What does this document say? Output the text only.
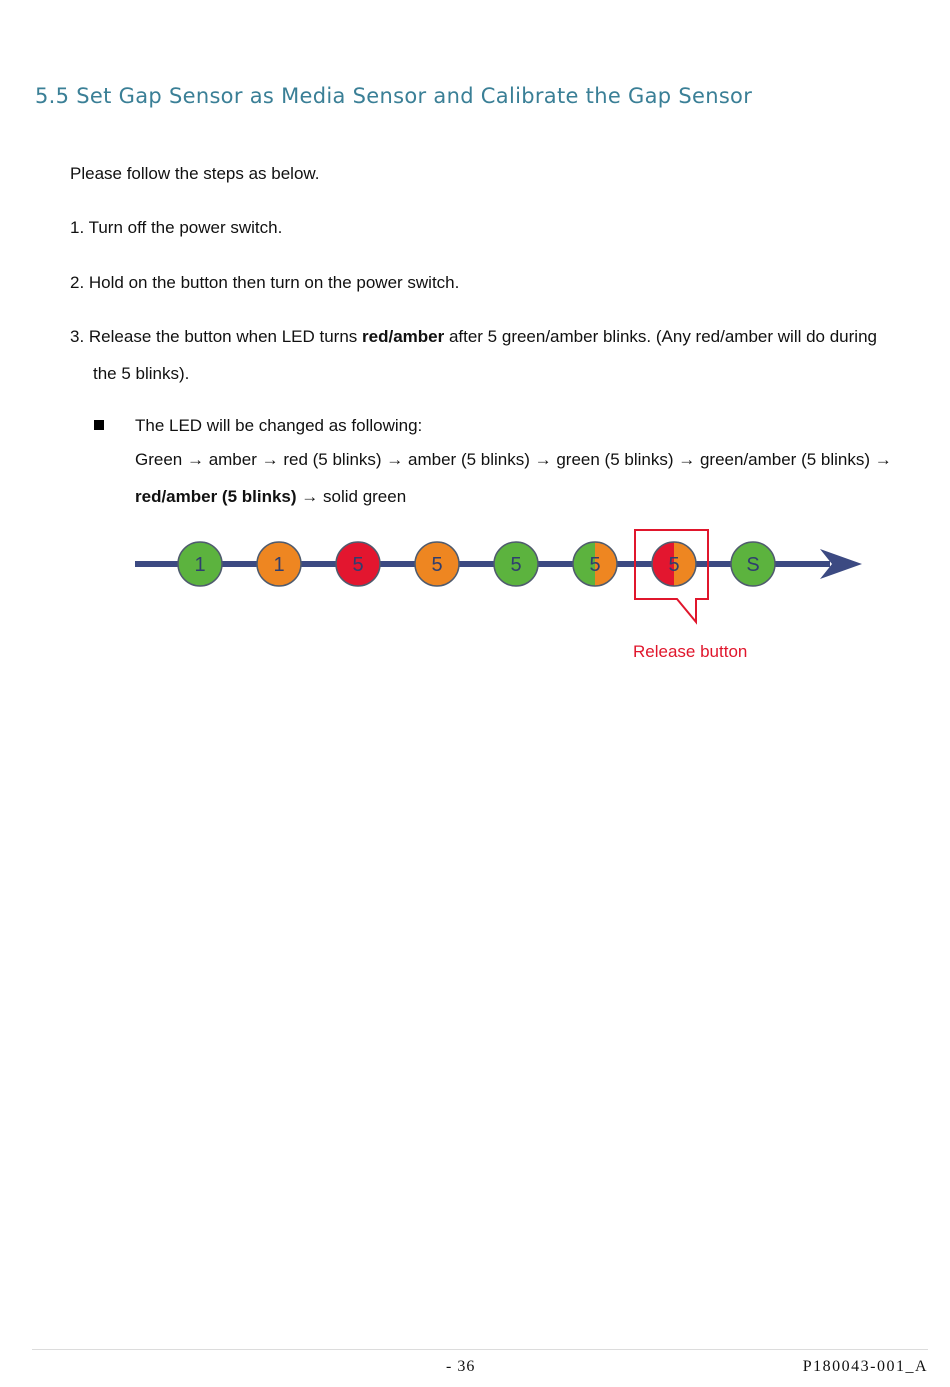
5.5 Set Gap Sensor as Media Sensor and Calibrate the Gap Sensor
Please follow the steps as below.
1. Turn off the power switch.
2. Hold on the button then turn on the power switch.
3. Release the button when LED turns red/amber after 5 green/amber blinks. (Any red/amber will do during
the 5 blinks).
The LED will be changed as following:
Green → amber → red (5 blinks) → amber (5 blinks) → green (5 blinks) → green/amber (5 blinks) →
red/amber (5 blinks) → solid green
1	1	5	5	5	5	5	S
Release button
- 36	P180043-001_A
